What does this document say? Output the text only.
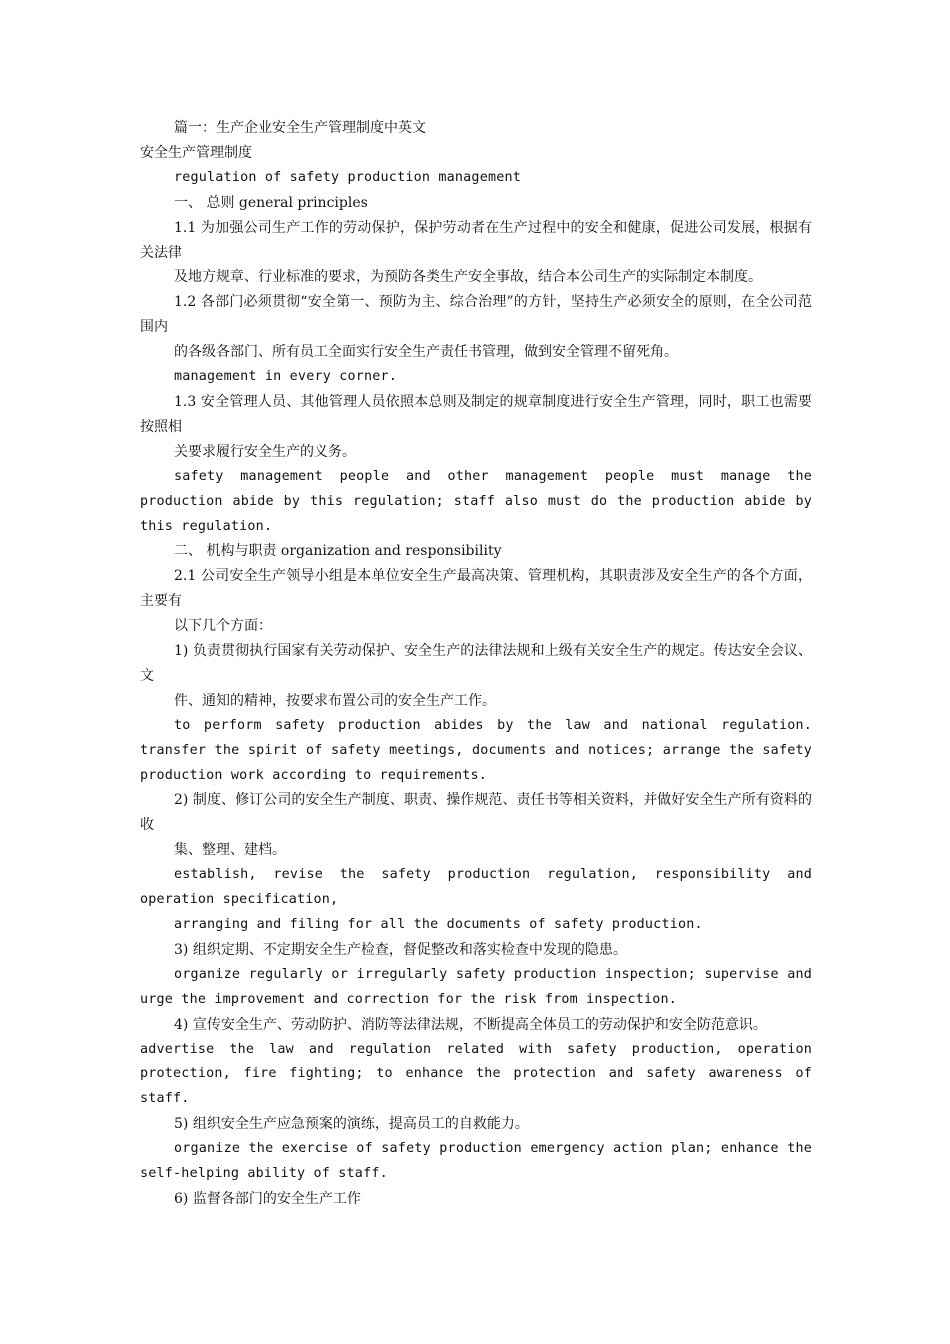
篇一：生产企业安全生产管理制度中英文

安全生产管理制度

regulation of safety production management

一、 总则 general principles

1.1 为加强公司生产工作的劳动保护，保护劳动者在生产过程中的安全和健康，促进公司发展，根据有关法律

及地方规章、行业标准的要求，为预防各类生产安全事故，结合本公司生产的实际制定本制度。

1.2 各部门必须贯彻“安全第一、预防为主、综合治理”的方针，坚持生产必须安全的原则，在全公司范围内

的各级各部门、所有员工全面实行安全生产责任书管理，做到安全管理不留死角。

management in every corner.

1.3 安全管理人员、其他管理人员依照本总则及制定的规章制度进行安全生产管理，同时，职工也需要按照相

关要求履行安全生产的义务。

safety management people and other management people must manage the production abide by this regulation; staff also must do the production abide by this regulation.

二、 机构与职责 organization and responsibility

2.1 公司安全生产领导小组是本单位安全生产最高决策、管理机构，其职责涉及安全生产的各个方面，主要有

以下几个方面：

1) 负责贯彻执行国家有关劳动保护、安全生产的法律法规和上级有关安全生产的规定。传达安全会议、文

件、通知的精神，按要求布置公司的安全生产工作。

to perform safety production abides by the law and national regulation. transfer the spirit of safety meetings, documents and notices; arrange the safety production work according to requirements.

2) 制度、修订公司的安全生产制度、职责、操作规范、责任书等相关资料，并做好安全生产所有资料的收

集、整理、建档。

establish, revise the safety production regulation, responsibility and operation specification,

arranging and filing for all the documents of safety production.

3) 组织定期、不定期安全生产检查，督促整改和落实检查中发现的隐患。

organize regularly or irregularly safety production inspection; supervise and urge the improvement and correction for the risk from inspection.

4) 宣传安全生产、劳动防护、消防等法律法规，不断提高全体员工的劳动保护和安全防范意识。

advertise the law and regulation related with safety production, operation protection, fire fighting; to enhance the protection and safety awareness of staff.

5) 组织安全生产应急预案的演练，提高员工的自救能力。

organize the exercise of safety production emergency action plan; enhance the self-helping ability of staff.

6) 监督各部门的安全生产工作
